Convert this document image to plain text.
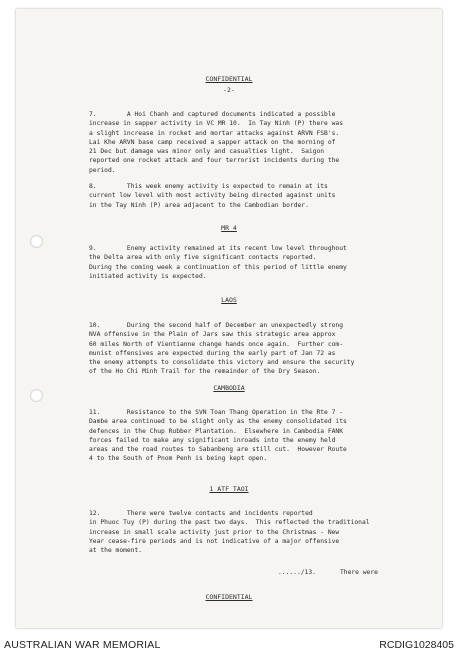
CONFIDENTIAL
-2-

7.        A Hoi Chanh and captured documents indicated a possible
increase in sapper activity in VC MR 10.  In Tay Ninh (P) there was
a slight increase in rocket and mortar attacks against ARVN FSB's.
Lai Khe ARVN base camp received a sapper attack on the morning of
21 Dec but damage was minor only and casualties light.  Saigon
reported one rocket attack and four terrorist incidents during the
period.

8.        This week enemy activity is expected to remain at its
current low level with most activity being directed against units
in the Tay Ninh (P) area adjacent to the Cambodian border.

MR 4

9.        Enemy activity remained at its recent low level throughout
the Delta area with only five significant contacts reported.
During the coming week a continuation of this period of little enemy
initiated activity is expected.

LAOS

10.       During the second half of December an unexpectedly strong
NVA offensive in the Plain of Jars saw this strategic area approx
60 miles North of Vientianne change hands once again.  Further com-
munist offensives are expected during the early part of Jan 72 as
the enemy attempts to consolidate this victory and ensure the security
of the Ho Chi Minh Trail for the remainder of the Dry Season.

CAMBODIA

11.       Resistance to the SVN Toan Thang Operation in the Rte 7 -
Dambe area continued to be slight only as the enemy consolidated its
defences in the Chup Rubber Plantation.  Elsewhere in Cambodia FANK
forces failed to make any significant inroads into the enemy held
areas and the road routes to Sabanbeng are still cut.  However Route
4 to the South of Pnom Penh is being kept open.

1 ATF TAOI

12.       There were twelve contacts and incidents reported
in Phuoc Tuy (P) during the past two days.  This reflected the traditional
increase in small scale activity just prior to the Christmas - New
Year cease-fire periods and is not indicative of a major offensive
at the moment.

....../13.	There were
CONFIDENTIAL
AUSTRALIAN WAR MEMORIAL	RCDIG1028405
